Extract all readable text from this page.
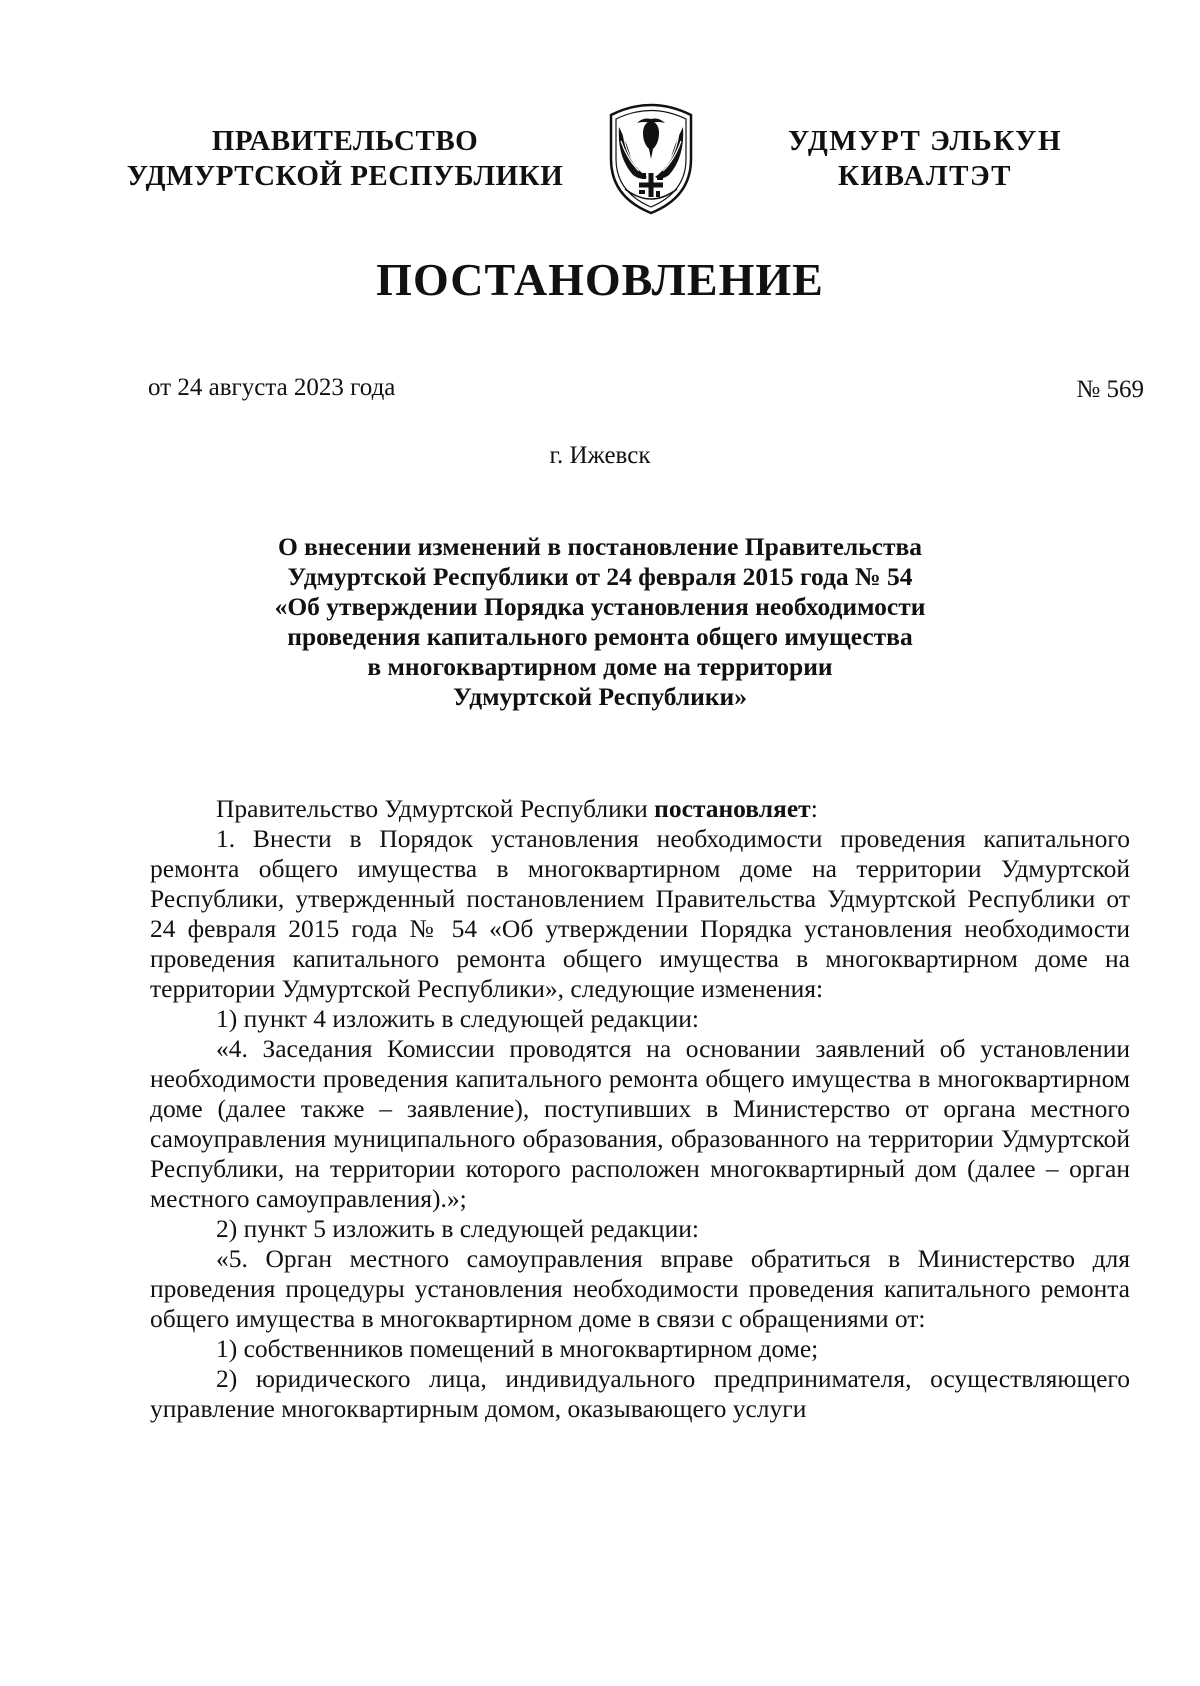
ПРАВИТЕЛЬСТВО
УДМУРТСКОЙ РЕСПУБЛИКИ
УДМУРТ ЭЛЬКУН
КИВАЛТЭТ
ПОСТАНОВЛЕНИЕ
от 24 августа 2023 года	№ 569
г. Ижевск
О внесении изменений в постановление Правительства
Удмуртской Республики от 24 февраля 2015 года № 54
«Об утверждении Порядка установления необходимости
проведения капитального ремонта общего имущества
в многоквартирном доме на территории
Удмуртской Республики»

Правительство Удмуртской Республики постановляет:

1. Внести в Порядок установления необходимости проведения капитального ремонта общего имущества в многоквартирном доме на территории Удмуртской Республики, утвержденный постановлением Правительства Удмуртской Республики от 24 февраля 2015 года № 54 «Об утверждении Порядка установления необходимости проведения капитального ремонта общего имущества в многоквартирном доме на территории Удмуртской Республики», следующие изменения:

1) пункт 4 изложить в следующей редакции:

«4. Заседания Комиссии проводятся на основании заявлений об установлении необходимости проведения капитального ремонта общего имущества в многоквартирном доме (далее также – заявление), поступивших в Министерство от органа местного самоуправления муниципального образования, образованного на территории Удмуртской Республики, на территории которого расположен многоквартирный дом (далее – орган местного самоуправления).»;

2) пункт 5 изложить в следующей редакции:

«5. Орган местного самоуправления вправе обратиться в Министерство для проведения процедуры установления необходимости проведения капитального ремонта общего имущества в многоквартирном доме в связи с обращениями от:

1) собственников помещений в многоквартирном доме;

2) юридического лица, индивидуального предпринимателя, осуществляющего управление многоквартирным домом, оказывающего услуги
